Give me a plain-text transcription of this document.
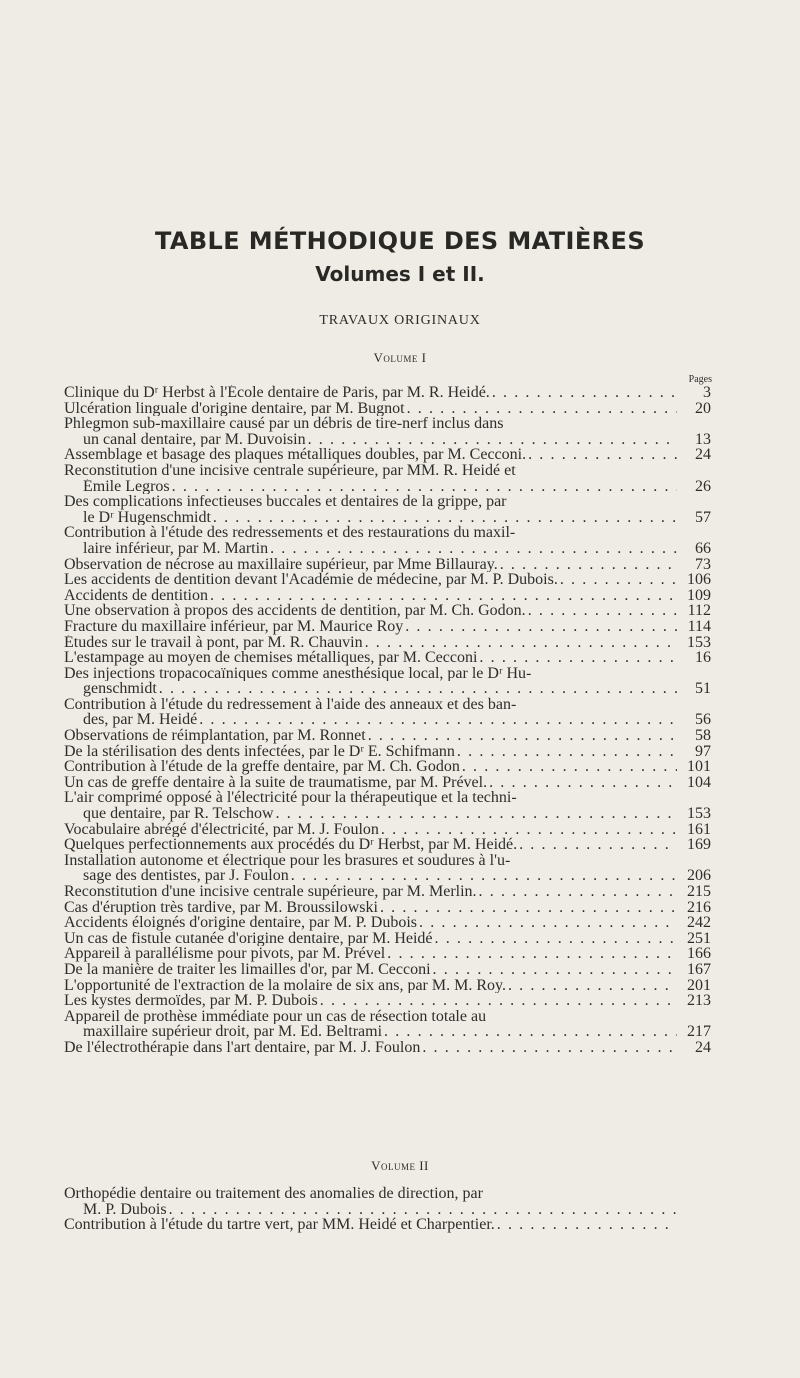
TABLE MÉTHODIQUE DES MATIÈRES
Volumes I et II.
TRAVAUX ORIGINAUX
Volume I
Pages
Clinique du Dʳ Herbst à l'École dentaire de Paris, par M. R. Heidé. . . .	3
Ulcération linguale d'origine dentaire, par M. Bugnot . . .	20
Phlegmon sub-maxillaire causé par un débris de tire-nerf inclus dans
un canal dentaire, par M. Duvoisin . . .	13
Assemblage et basage des plaques métalliques doubles, par M. Cecconi. . . .	24
Reconstitution d'une incisive centrale supérieure, par MM. R. Heidé et
Émile Legros . . .	26
Des complications infectieuses buccales et dentaires de la grippe, par
le Dʳ Hugenschmidt . . .	57
Contribution à l'étude des redressements et des restaurations du maxil-
laire inférieur, par M. Martin . . .	66
Observation de nécrose au maxillaire supérieur, par Mme Billauray. . . .	73
Les accidents de dentition devant l'Académie de médecine, par M. P. Dubois. . . .	106
Accidents de dentition . . .	109
Une observation à propos des accidents de dentition, par M. Ch. Godon. . . .	112
Fracture du maxillaire inférieur, par M. Maurice Roy . . .	114
Études sur le travail à pont, par M. R. Chauvin . . .	153
L'estampage au moyen de chemises métalliques, par M. Cecconi . . .	16
Des injections tropacocaïniques comme anesthésique local, par le Dʳ Hu-
genschmidt . . .	51
Contribution à l'étude du redressement à l'aide des anneaux et des ban-
des, par M. Heidé . . .	56
Observations de réimplantation, par M. Ronnet . . .	58
De la stérilisation des dents infectées, par le Dʳ E. Schifmann . . .	97
Contribution à l'étude de la greffe dentaire, par M. Ch. Godon . . .	101
Un cas de greffe dentaire à la suite de traumatisme, par M. Prével. . . .	104
L'air comprimé opposé à l'électricité pour la thérapeutique et la techni-
que dentaire, par R. Telschow . . .	153
Vocabulaire abrégé d'électricité, par M. J. Foulon . . .	161
Quelques perfectionnements aux procédés du Dʳ Herbst, par M. Heidé. . . .	169
Installation autonome et électrique pour les brasures et soudures à l'u-
sage des dentistes, par J. Foulon . . .	206
Reconstitution d'une incisive centrale supérieure, par M. Merlin. . . .	215
Cas d'éruption très tardive, par M. Broussilowski . . .	216
Accidents éloignés d'origine dentaire, par M. P. Dubois . . .	242
Un cas de fistule cutanée d'origine dentaire, par M. Heidé . . .	251
Appareil à parallélisme pour pivots, par M. Prével . . .	166
De la manière de traiter les limailles d'or, par M. Cecconi . . .	167
L'opportunité de l'extraction de la molaire de six ans, par M. M. Roy. . . .	201
Les kystes dermoïdes, par M. P. Dubois . . .	213
Appareil de prothèse immédiate pour un cas de résection totale au
maxillaire supérieur droit, par M. Ed. Beltrami . . .	217
De l'électrothérapie dans l'art dentaire, par M. J. Foulon . . .	24
Volume II
Orthopédie dentaire ou traitement des anomalies de direction, par
M. P. Dubois
. . .
Contribution à l'étude du tartre vert, par MM. Heidé et Charpentier.
. . .
